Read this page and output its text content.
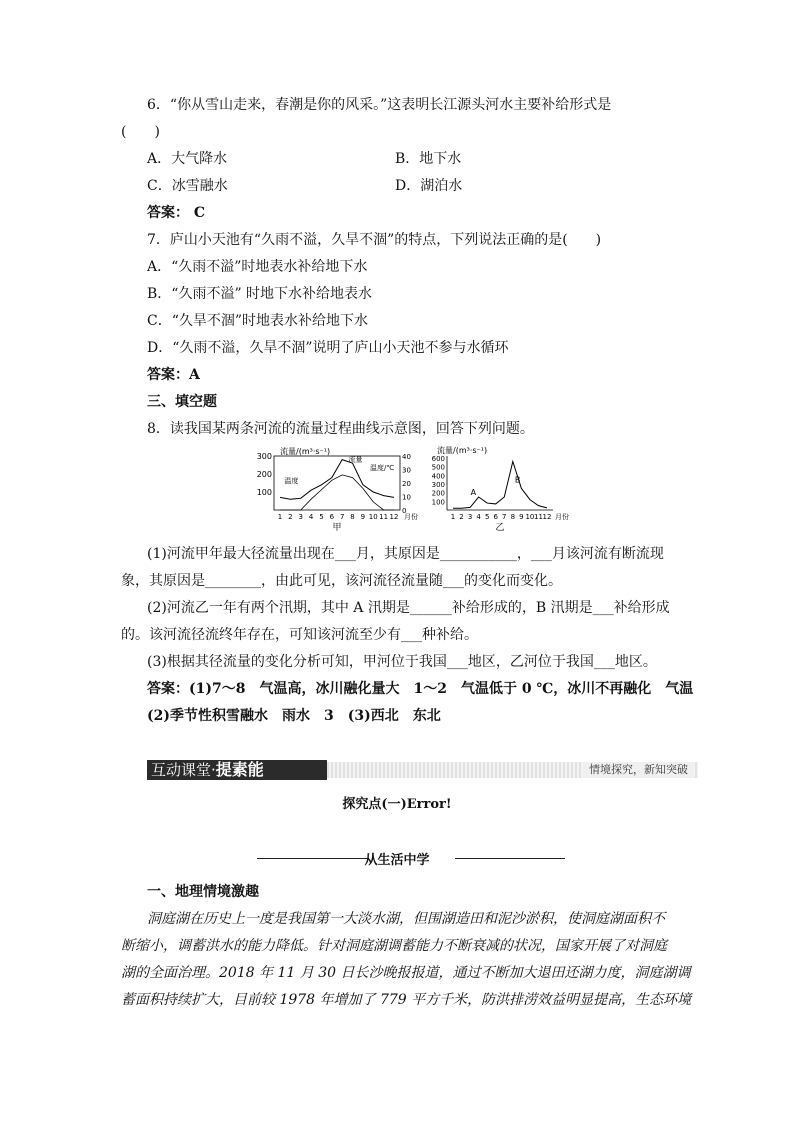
6．“你从雪山走来，春潮是你的风采。”这表明长江源头河水主要补给形式是
(　　)
A．大气降水	B．地下水
C．冰雪融水	D．湖泊水
答案： C
7．庐山小天池有“久雨不溢，久旱不涸”的特点，下列说法正确的是(　　)
A．“久雨不溢”时地表水补给地下水
B．“久雨不溢” 时地下水补给地表水
C．“久旱不涸”时地表水补给地下水
D．“久雨不溢，久旱不涸”说明了庐山小天池不参与水循环
答案：A
三、填空题
8．读我国某两条河流的流量过程曲线示意图，回答下列问题。
100
200
300
0
10
20
30
40
1 2 3 4 5 6 7 8 9 10 11 12 月份
流量/(m³·s⁻¹)
温度/℃
甲
流量
温度
100
200
300
400
500
600
1 2 3 4 5 6 7 8 9 10 11 12 月份
流量/(m³·s⁻¹)
乙
A
B
(1)河流甲年最大径流量出现在___月，其原因是___________，___月该河流有断流现
象，其原因是________，由此可见，该河流径流量随___的变化而变化。
(2)河流乙一年有两个汛期，其中 A 汛期是______补给形成的，B 汛期是___补给形成
的。该河流径流终年存在，可知该河流至少有___种补给。
(3)根据其径流量的变化分析可知，甲河位于我国___地区，乙河位于我国___地区。
答案：(1)7～8　气温高，冰川融化量大　1～2　气温低于 0 ℃，冰川不再融化　气温
(2)季节性积雪融水　雨水　3　(3)西北　东北
互动课堂·提素能	情境探究，新知突破
探究点(一)Error!
从生活中学
一、地理情境激趣
洞庭湖在历史上一度是我国第一大淡水湖，但围湖造田和泥沙淤积，使洞庭湖面积不
断缩小，调蓄洪水的能力降低。针对洞庭湖调蓄能力不断衰减的状况，国家开展了对洞庭
湖的全面治理。2018 年 11 月 30 日长沙晚报报道，通过不断加大退田还湖力度，洞庭湖调
蓄面积持续扩大，目前较 1978 年增加了 779 平方千米，防洪排涝效益明显提高，生态环境
